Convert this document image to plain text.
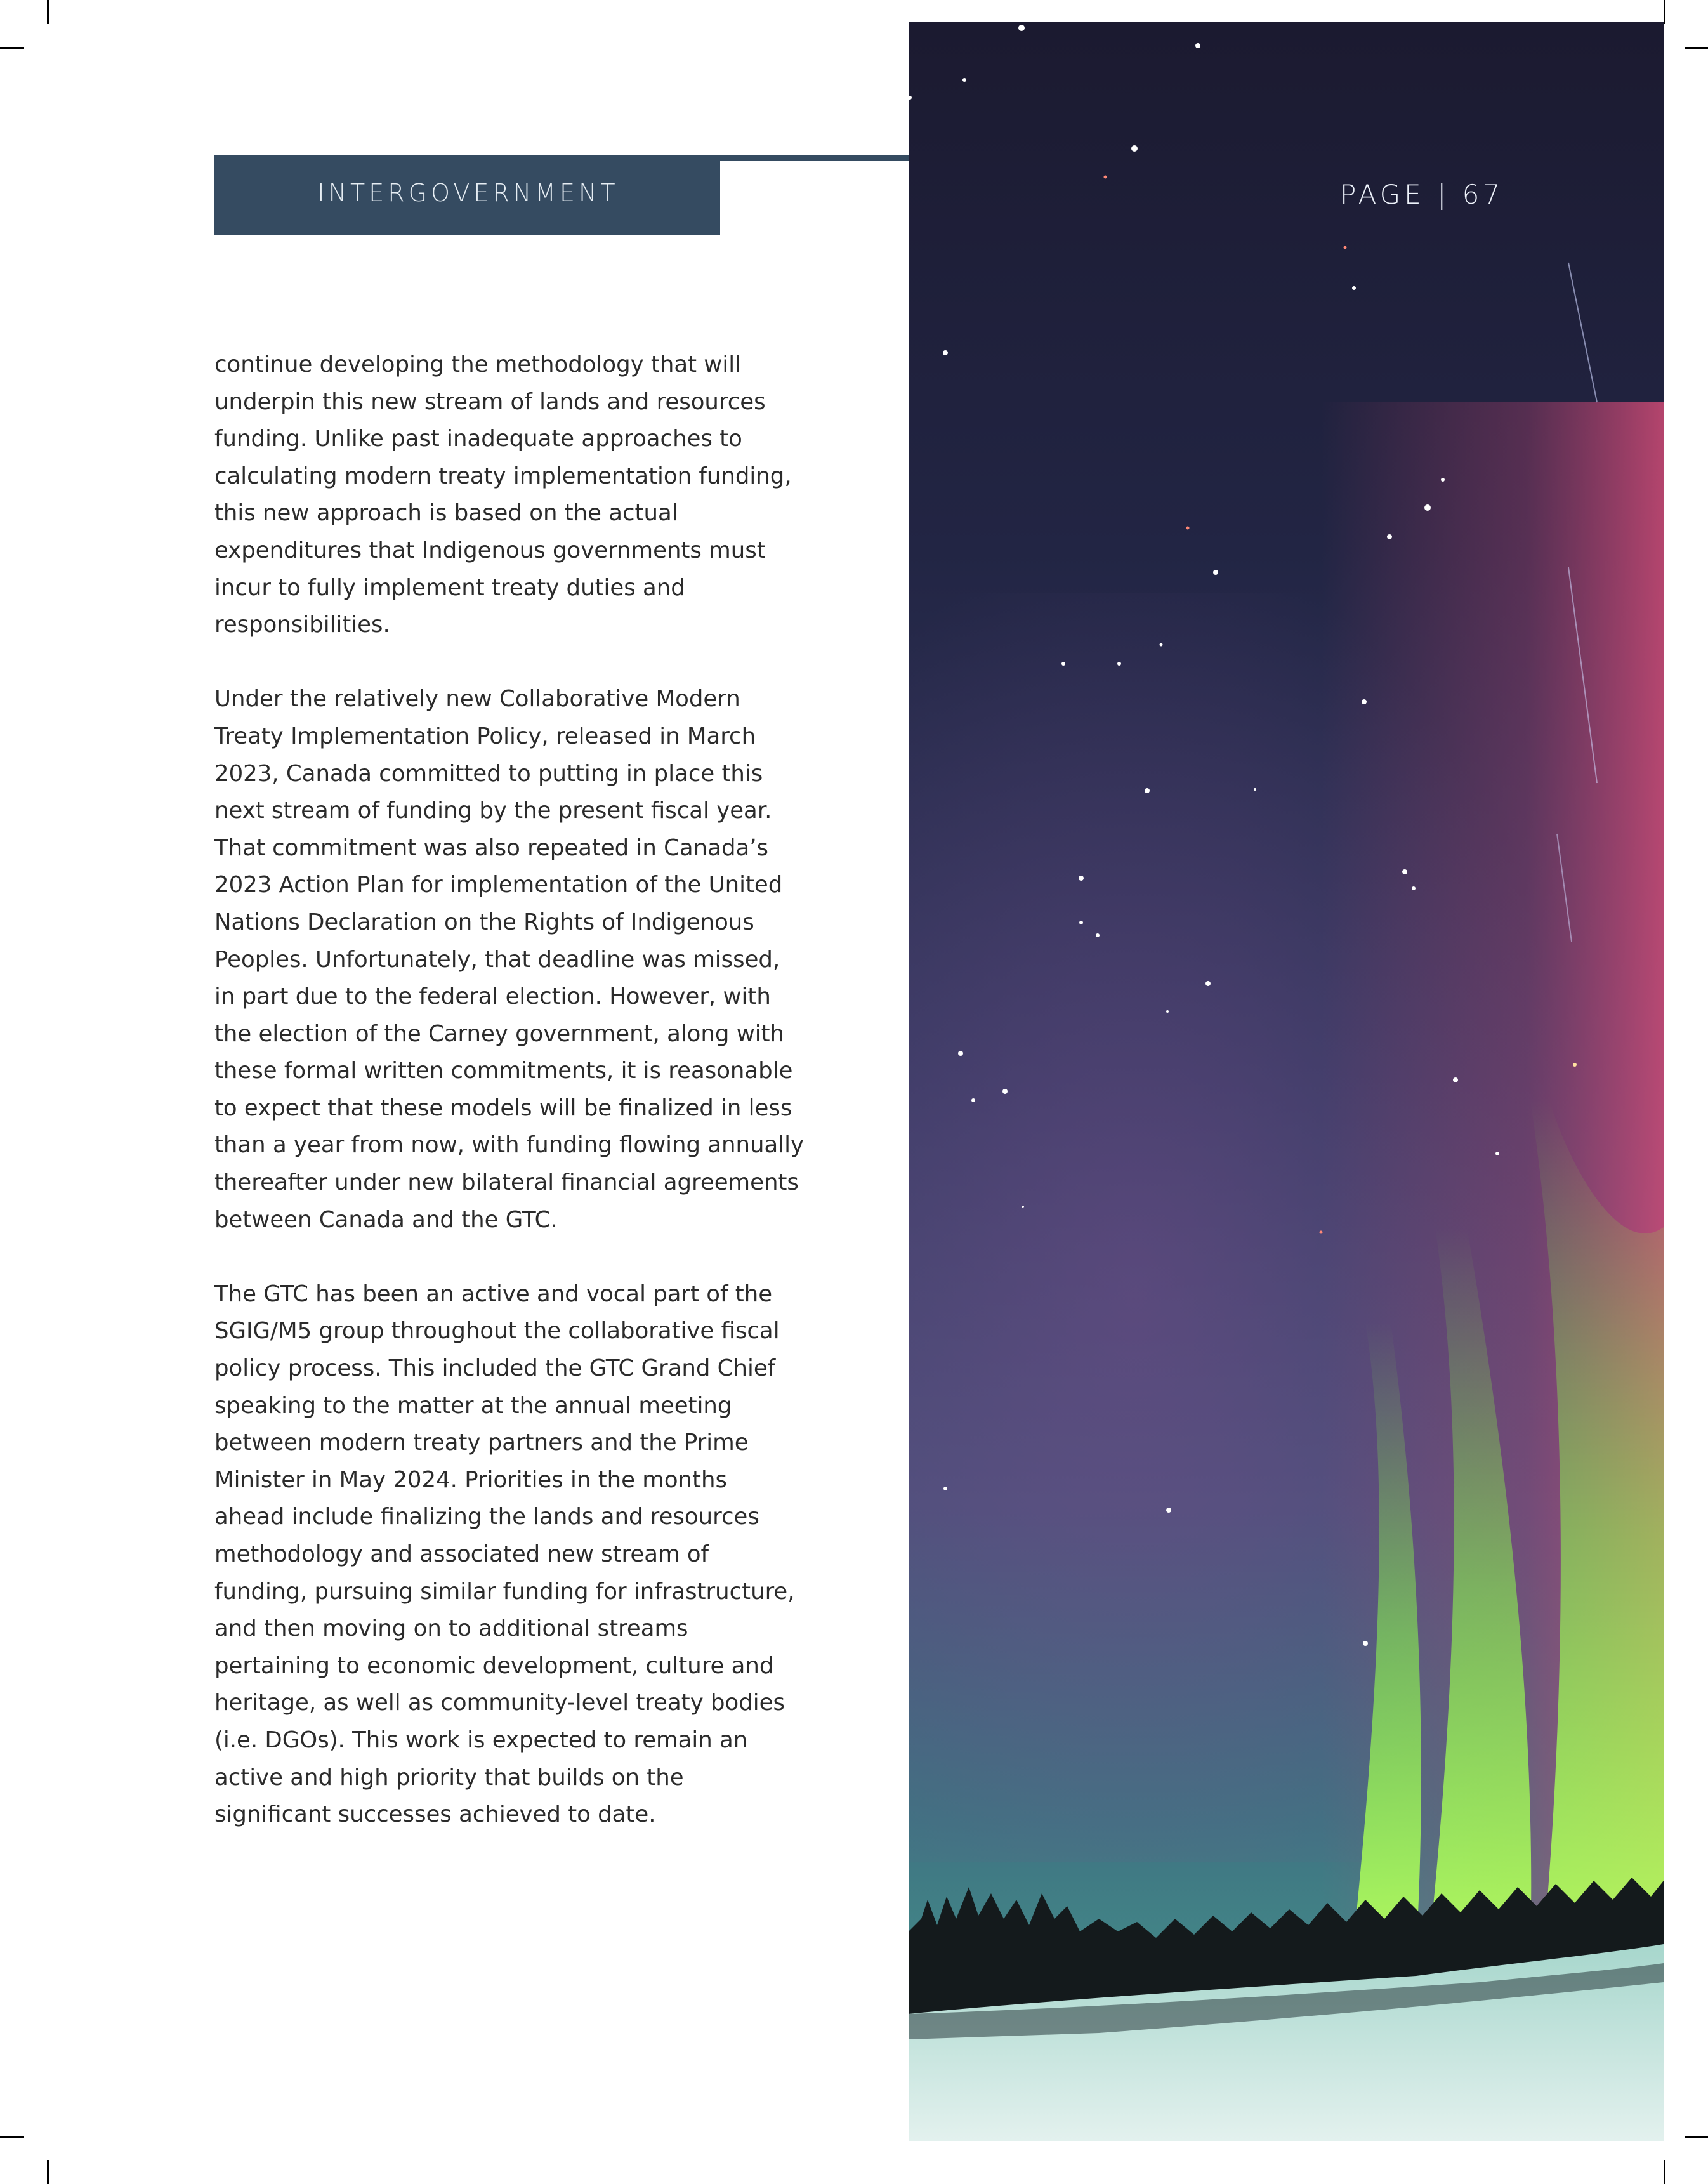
INTERGOVERNMENT

continue developing the methodology that will
underpin this new stream of lands and resources
funding. Unlike past inadequate approaches to
calculating modern treaty implementation funding,
this new approach is based on the actual
expenditures that Indigenous governments must
incur to fully implement treaty duties and
responsibilities.

Under the relatively new Collaborative Modern
Treaty Implementation Policy, released in March
2023, Canada committed to putting in place this
next stream of funding by the present fiscal year.
That commitment was also repeated in Canada’s
2023 Action Plan for implementation of the United
Nations Declaration on the Rights of Indigenous
Peoples. Unfortunately, that deadline was missed,
in part due to the federal election. However, with
the election of the Carney government, along with
these formal written commitments, it is reasonable
to expect that these models will be finalized in less
than a year from now, with funding flowing annually
thereafter under new bilateral financial agreements
between Canada and the GTC.

The GTC has been an active and vocal part of the
SGIG/M5 group throughout the collaborative fiscal
policy process. This included the GTC Grand Chief
speaking to the matter at the annual meeting
between modern treaty partners and the Prime
Minister in May 2024. Priorities in the months
ahead include finalizing the lands and resources
methodology and associated new stream of
funding, pursuing similar funding for infrastructure,
and then moving on to additional streams
pertaining to economic development, culture and
heritage, as well as community-level treaty bodies
(i.e. DGOs). This work is expected to remain an
active and high priority that builds on the
significant successes achieved to date.

PAGE | 67
